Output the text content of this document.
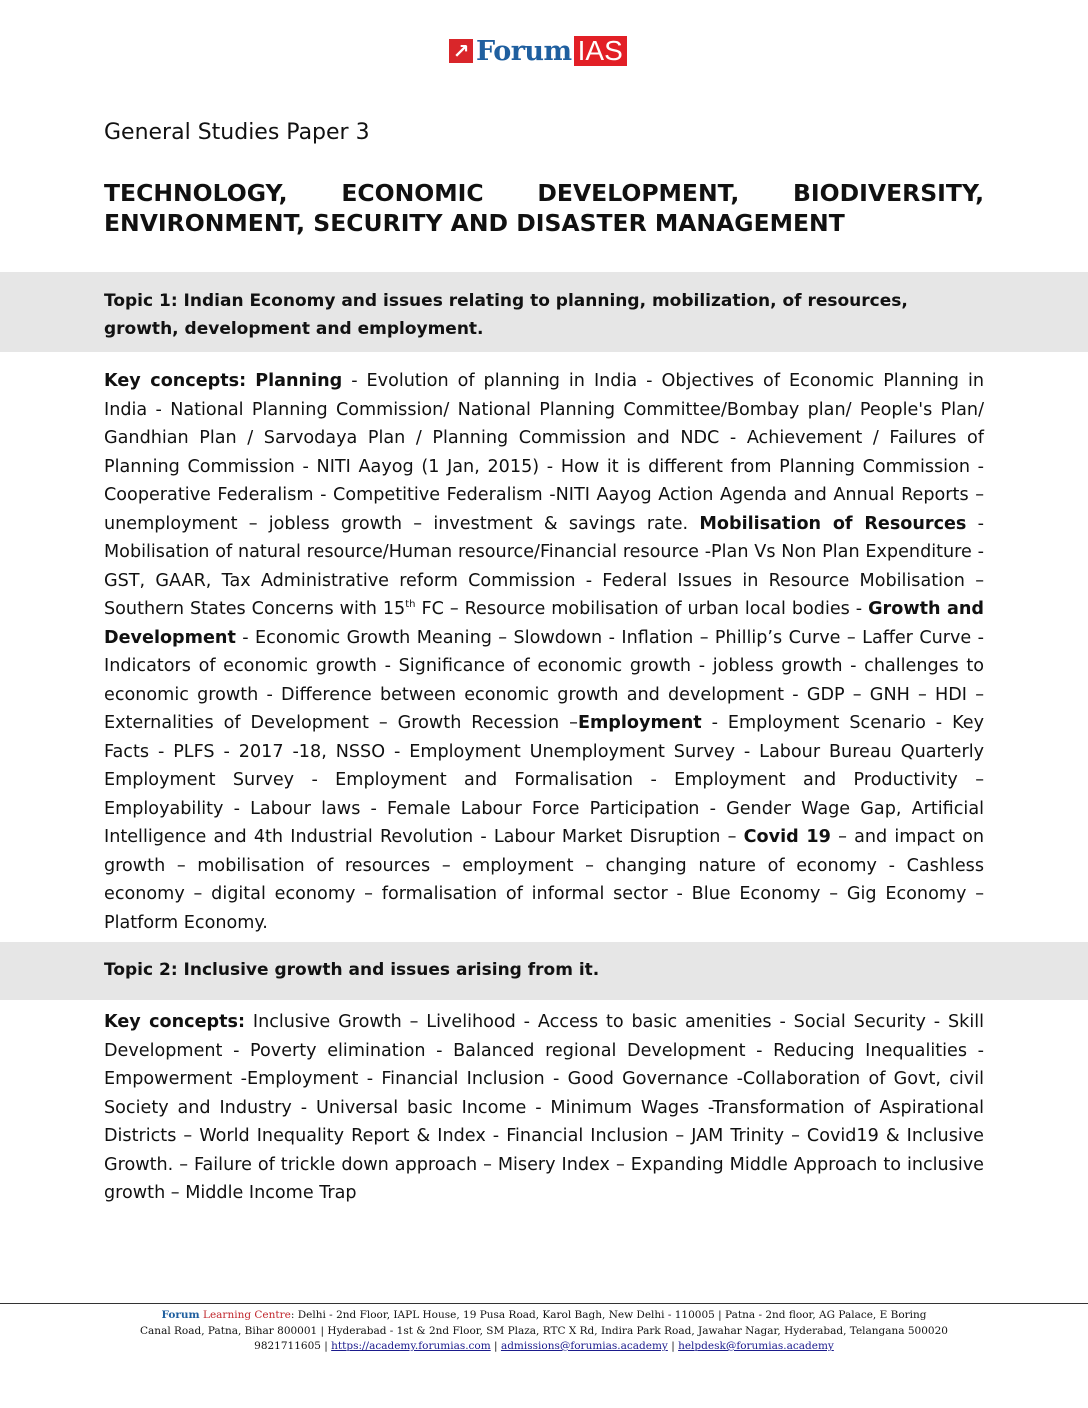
↗ Forum IAS
General Studies Paper 3
TECHNOLOGY, ECONOMIC DEVELOPMENT, BIODIVERSITY, ENVIRONMENT, SECURITY AND DISASTER MANAGEMENT
Topic 1: Indian Economy and issues relating to planning, mobilization, of resources, growth, development and employment.
Key concepts: Planning - Evolution of planning in India - Objectives of Economic Planning in India - National Planning Commission/ National Planning Committee/Bombay plan/ People's Plan/ Gandhian Plan / Sarvodaya Plan / Planning Commission and NDC - Achievement / Failures of Planning Commission - NITI Aayog (1 Jan, 2015) - How it is different from Planning Commission -Cooperative Federalism - Competitive Federalism -NITI Aayog Action Agenda and Annual Reports – unemployment – jobless growth – investment & savings rate. Mobilisation of Resources - Mobilisation of natural resource/Human resource/Financial resource -Plan Vs Non Plan Expenditure - GST, GAAR, Tax Administrative reform Commission - Federal Issues in Resource Mobilisation – Southern States Concerns with 15th FC – Resource mobilisation of urban local bodies - Growth and Development - Economic Growth Meaning – Slowdown - Inflation – Phillip’s Curve – Laffer Curve - Indicators of economic growth - Significance of economic growth - jobless growth - challenges to economic growth - Difference between economic growth and development - GDP – GNH – HDI – Externalities of Development – Growth Recession –Employment - Employment Scenario - Key Facts - PLFS - 2017 -18, NSSO - Employment Unemployment Survey - Labour Bureau Quarterly Employment Survey - Employment and Formalisation - Employment and Productivity – Employability - Labour laws - Female Labour Force Participation - Gender Wage Gap, Artificial Intelligence and 4th Industrial Revolution - Labour Market Disruption – Covid 19 – and impact on growth – mobilisation of resources – employment – changing nature of economy - Cashless economy – digital economy – formalisation of informal sector - Blue Economy – Gig Economy – Platform Economy.
Topic 2: Inclusive growth and issues arising from it.
Key concepts: Inclusive Growth – Livelihood - Access to basic amenities - Social Security - Skill Development - Poverty elimination - Balanced regional Development - Reducing Inequalities - Empowerment -Employment - Financial Inclusion - Good Governance -Collaboration of Govt, civil Society and Industry - Universal basic Income - Minimum Wages -Transformation of Aspirational Districts – World Inequality Report & Index - Financial Inclusion – JAM Trinity – Covid19 & Inclusive Growth. – Failure of trickle down approach – Misery Index – Expanding Middle Approach to inclusive growth – Middle Income Trap
Forum Learning Centre: Delhi - 2nd Floor, IAPL House, 19 Pusa Road, Karol Bagh, New Delhi - 110005 | Patna - 2nd floor, AG Palace, E Boring
Canal Road, Patna, Bihar 800001 | Hyderabad - 1st & 2nd Floor, SM Plaza, RTC X Rd, Indira Park Road, Jawahar Nagar, Hyderabad, Telangana 500020
9821711605 | https://academy.forumias.com | admissions@forumias.academy | helpdesk@forumias.academy
